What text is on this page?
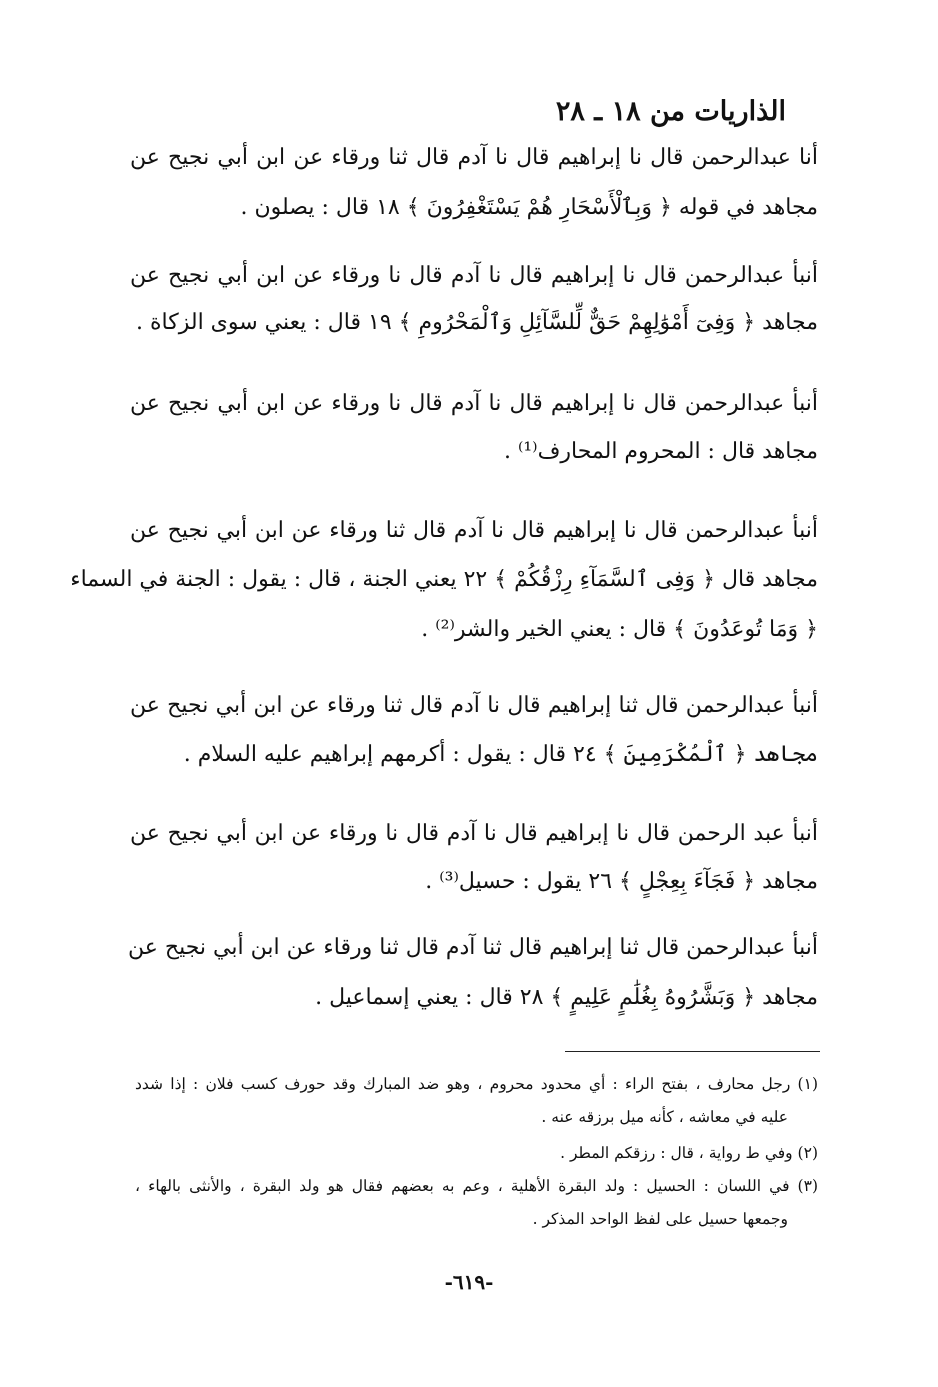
الذاريات من ١٨ ـ ٢٨
أنا عبدالرحمن قال نا إبراهيم قال نا آدم قال ثنا ورقاء عن ابن أبي نجيح عن
مجاهد في قوله ﴿ وَبِٱلْأَسْحَارِ هُمْ يَسْتَغْفِرُونَ ﴾ ١٨ قال : يصلون .
أنبأ عبدالرحمن قال نا إبراهيم قال نا آدم قال نا ورقاء عن ابن أبي نجيح عن
مجاهد ﴿ وَفِىٓ أَمْوَٰلِهِمْ حَقٌّ لِّلسَّآئِلِ وَٱلْمَحْرُومِ ﴾ ١٩ قال : يعني سوى الزكاة .
أنبأ عبدالرحمن قال نا إبراهيم قال نا آدم قال نا ورقاء عن ابن أبي نجيح عن
مجاهد قال : المحروم المحارف⁽¹⁾ .
أنبأ عبدالرحمن قال نا إبراهيم قال نا آدم قال ثنا ورقاء عن ابن أبي نجيح عن
مجاهد قال ﴿ وَفِى ٱلسَّمَآءِ رِزْقُكُمْ ﴾ ٢٢ يعني الجنة ، قال : يقول : الجنة في السماء
﴿ وَمَا تُوعَدُونَ ﴾ قال : يعني الخير والشر⁽²⁾ .
أنبأ عبدالرحمن قال ثنا إبراهيم قال نا آدم قال ثنا ورقاء عن ابن أبي نجيح عن
مجاهد ﴿ ٱلْمُكْرَمِينَ ﴾ ٢٤ قال : يقول : أكرمهم إبراهيم عليه السلام .
أنبأ عبد الرحمن قال نا إبراهيم قال نا آدم قال نا ورقاء عن ابن أبي نجيح عن
مجاهد ﴿ فَجَآءَ بِعِجْلٍ ﴾ ٢٦ يقول : حسيل⁽³⁾ .
أنبأ عبدالرحمن قال ثنا إبراهيم قال ثنا آدم قال ثنا ورقاء عن ابن أبي نجيح عن
مجاهد ﴿ وَبَشَّرُوهُ بِغُلَٰمٍ عَلِيمٍ ﴾ ٢٨ قال : يعني إسماعيل .
(١) رجل محارف ، بفتح الراء : أي محدود محروم ، وهو ضد المبارك وقد حورف كسب فلان : إذا شدد
عليه في معاشه ، كأنه ميل برزقه عنه .
(٢) وفي ط رواية ، قال : رزقكم المطر .
(٣) في اللسان : الحسيل : ولد البقرة الأهلية ، وعم به بعضهم فقال هو ولد البقرة ، والأنثى بالهاء ،
وجمعها حسيل على لفظ الواحد المذكر .
-٦١٩-
